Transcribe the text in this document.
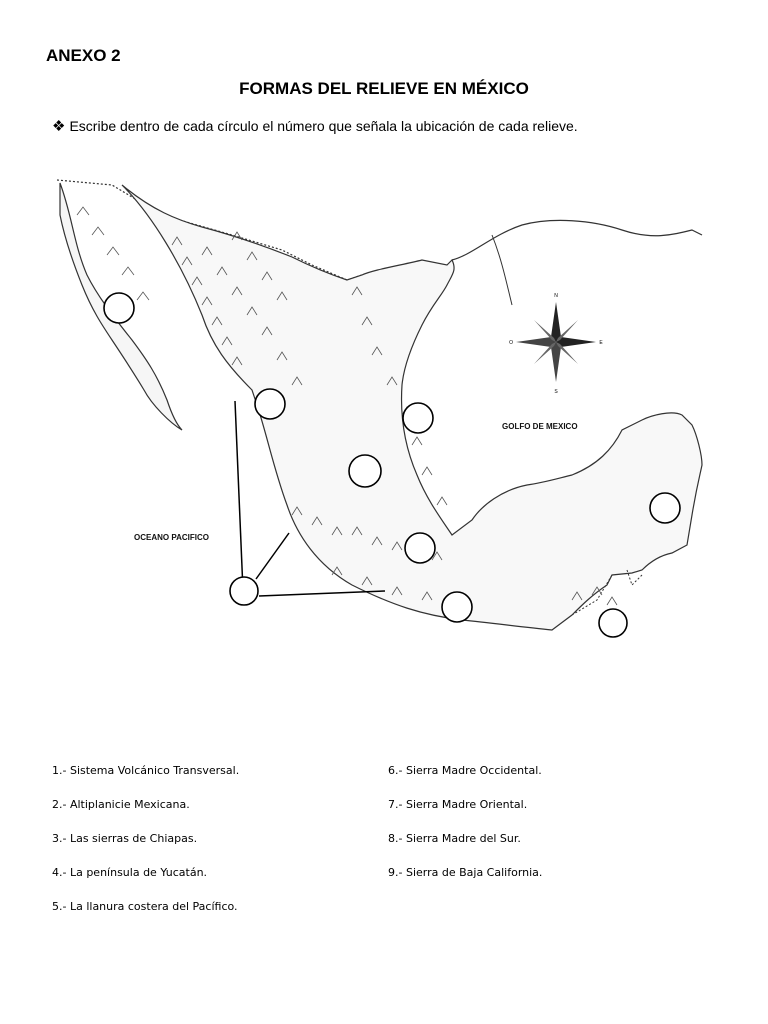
ANEXO 2
FORMAS DEL RELIEVE EN MÉXICO
❖ Escribe dentro de cada círculo el número que señala la ubicación de cada relieve.
N
S
E
O
GOLFO DE MEXICO
OCEANO PACIFICO
1.- Sistema Volcánico Transversal.
2.- Altiplanicie Mexicana.
3.- Las sierras de Chiapas.
4.- La península de Yucatán.
5.- La llanura costera del Pacífico.
6.- Sierra Madre Occidental.
7.- Sierra Madre Oriental.
8.- Sierra Madre del Sur.
9.- Sierra de Baja California.
